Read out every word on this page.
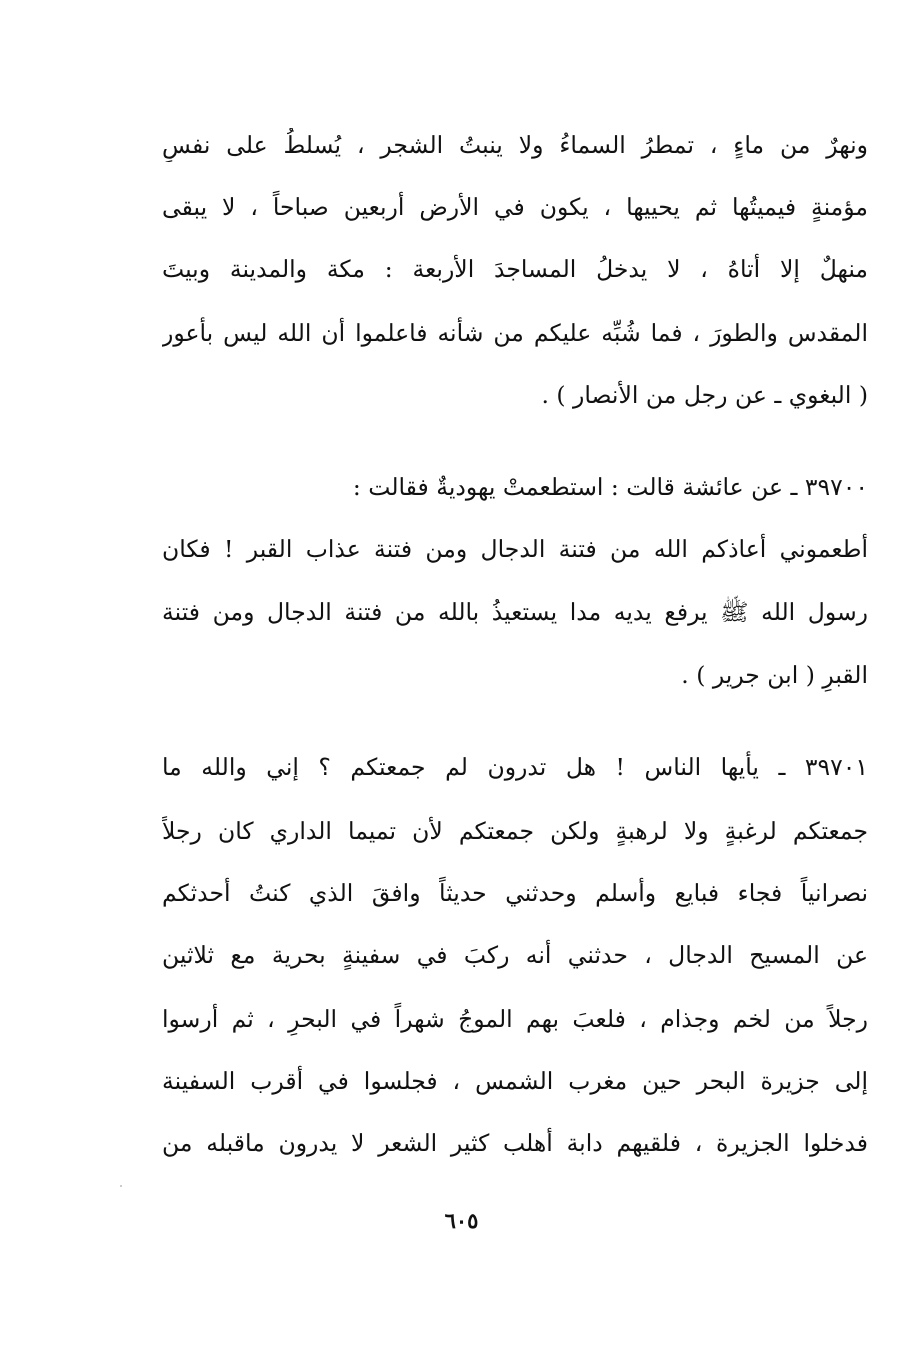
ونهرٌ من ماءٍ ، تمطرُ السماءُ ولا ينبتُ الشجر ، يُسلطُ على نفسٍ
مؤمنةٍ فيميتُها ثم يحييها ، يكون في الأرض أربعين صباحاً ، لا يبقى
منهلٌ إلا أتاهُ ، لا يدخلُ المساجدَ الأربعة : مكة والمدينة وبيتَ
المقدس والطورَ ، فما شُبِّه عليكم من شأنه فاعلموا أن الله ليس بأعور
( البغوي ـ عن رجل من الأنصار ) .
٣٩٧٠٠ ـ عن عائشة قالت : استطعمتْ يهوديةٌ فقالت :
أطعموني أعاذكم الله من فتنة الدجال ومن فتنة عذاب القبر ! فكان
رسول الله ﷺ يرفع يديه مدا يستعيذُ بالله من فتنة الدجال ومن فتنة
القبرِ ( ابن جرير ) .
٣٩٧٠١ ـ يأيها الناس ! هل تدرون لم جمعتكم ؟ إني والله ما
جمعتكم لرغبةٍ ولا لرهبةٍ ولكن جمعتكم لأن تميما الداري كان رجلاً
نصرانياً فجاء فبايع وأسلم وحدثني حديثاً وافقَ الذي كنتُ أحدثكم
عن المسيح الدجال ، حدثني أنه ركبَ في سفينةٍ بحرية مع ثلاثين
رجلاً من لخم وجذام ، فلعبَ بهم الموجُ شهراً في البحرِ ، ثم أرسوا
إلى جزيرة البحر حين مغرب الشمس ، فجلسوا في أقرب السفينة
فدخلوا الجزيرة ، فلقيهم دابة أهلب كثير الشعر لا يدرون ماقبله من
٦٠٥
